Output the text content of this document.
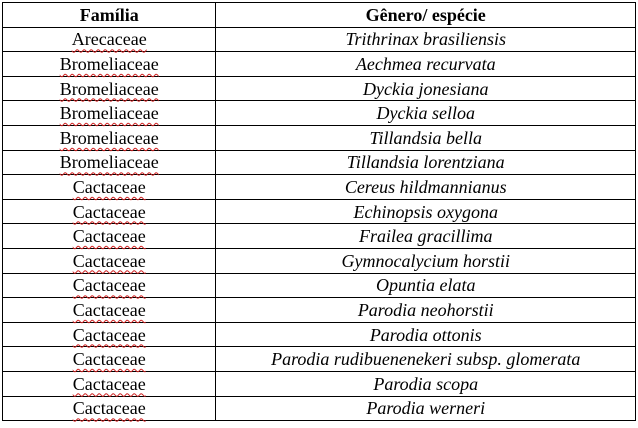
Família	Gênero/ espécie
Arecaceae	Trithrinax brasiliensis
Bromeliaceae	Aechmea recurvata
Bromeliaceae	Dyckia jonesiana
Bromeliaceae	Dyckia selloa
Bromeliaceae	Tillandsia bella
Bromeliaceae	Tillandsia lorentziana
Cactaceae	Cereus hildmannianus
Cactaceae	Echinopsis oxygona
Cactaceae	Frailea gracillima
Cactaceae	Gymnocalycium horstii
Cactaceae	Opuntia elata
Cactaceae	Parodia neohorstii
Cactaceae	Parodia ottonis
Cactaceae	Parodia rudibuenenekeri subsp. glomerata
Cactaceae	Parodia scopa
Cactaceae	Parodia werneri
